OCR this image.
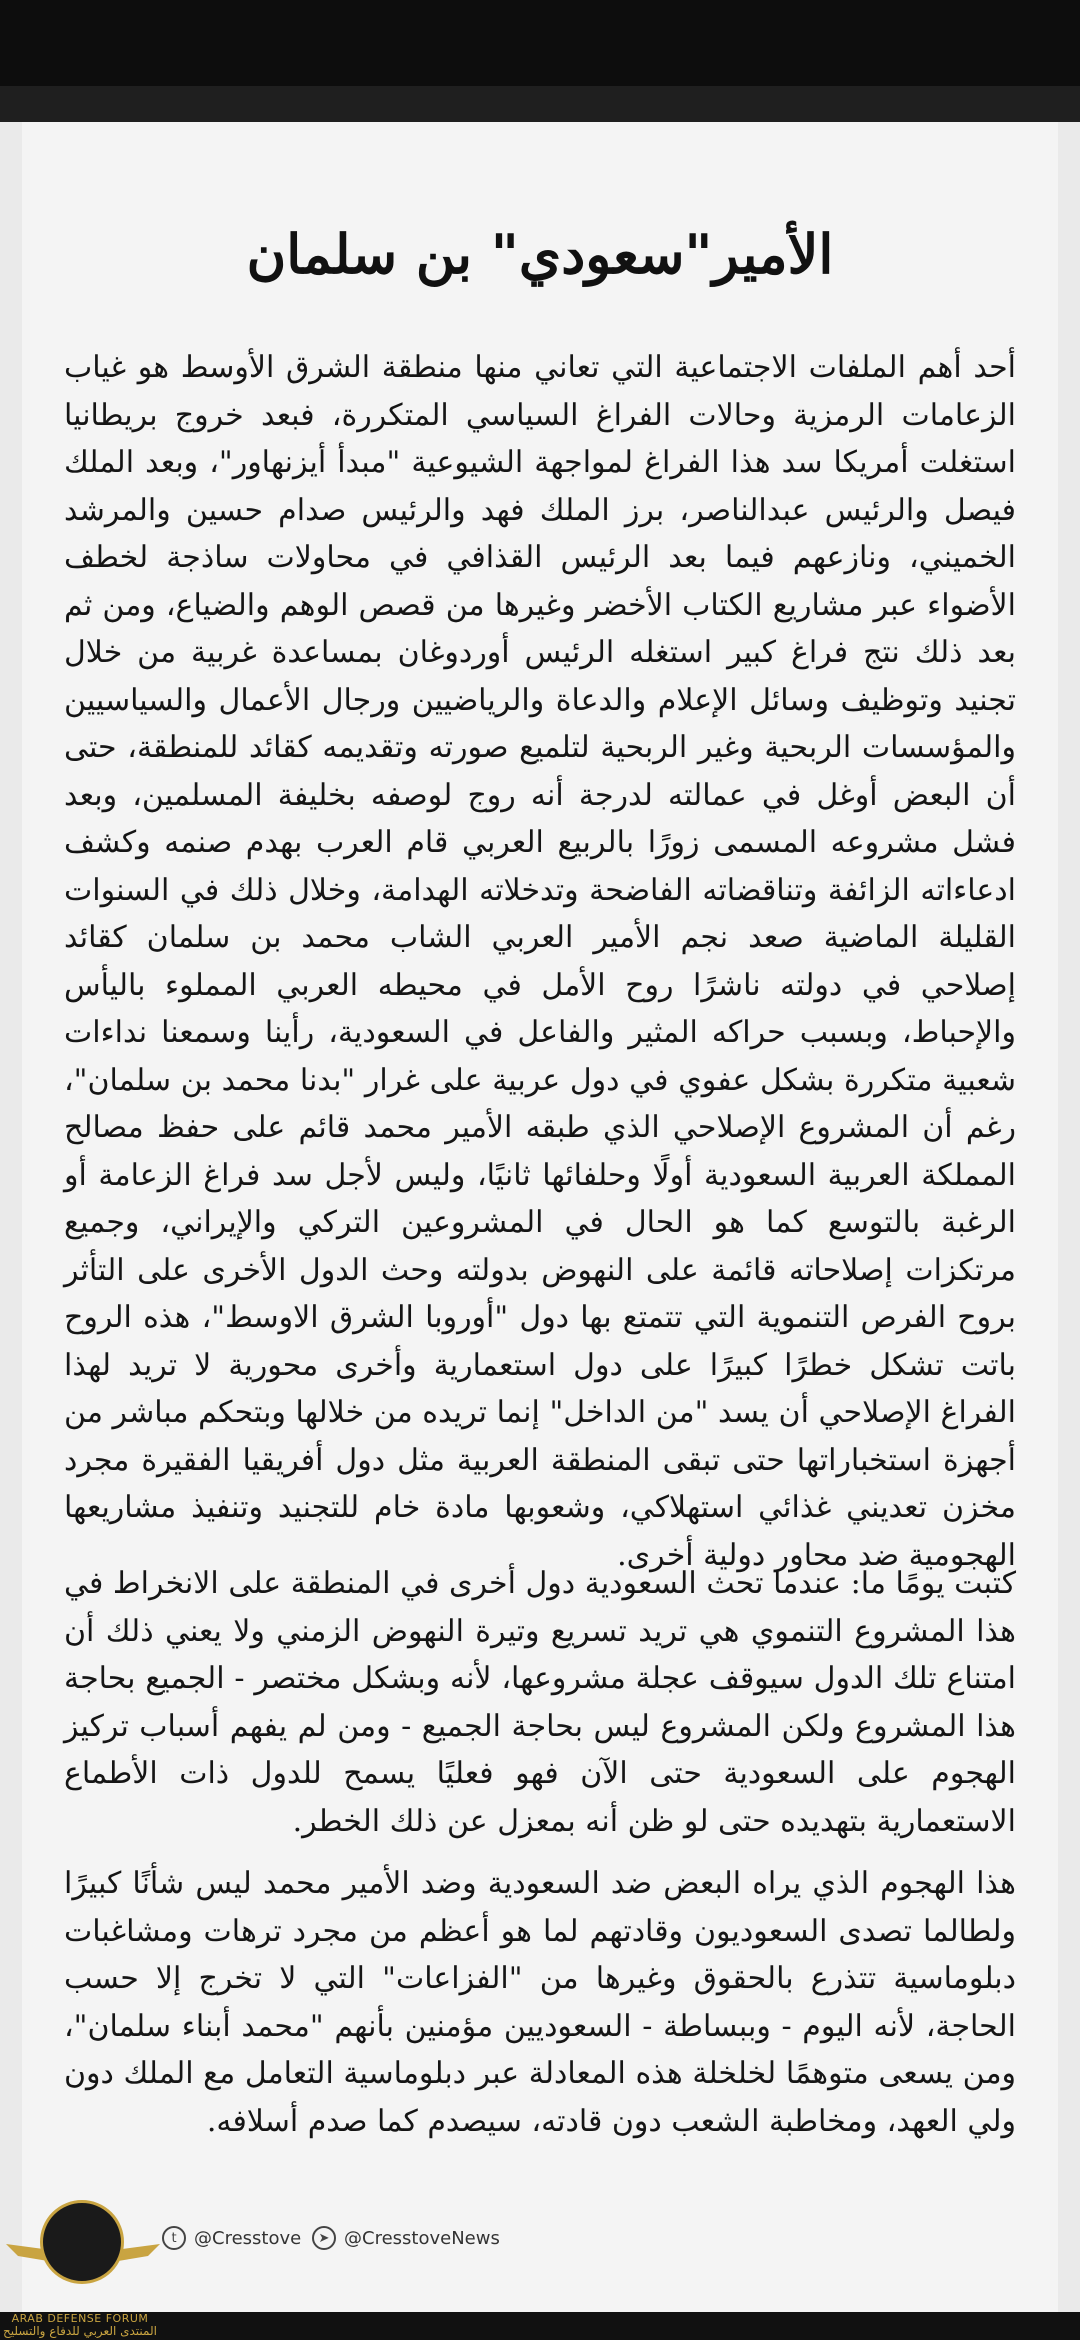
الأمير"سعودي" بن سلمان

أحد أهم الملفات الاجتماعية التي تعاني منها منطقة الشرق الأوسط هو غياب الزعامات الرمزية وحالات الفراغ السياسي المتكررة، فبعد خروج بريطانيا استغلت أمريكا سد هذا الفراغ لمواجهة الشيوعية "مبدأ أيزنهاور"، وبعد الملك فيصل والرئيس عبدالناصر، برز الملك فهد والرئيس صدام حسين والمرشد الخميني، ونازعهم فيما بعد الرئيس القذافي في محاولات ساذجة لخطف الأضواء عبر مشاريع الكتاب الأخضر وغيرها من قصص الوهم والضياع، ومن ثم بعد ذلك نتج فراغ كبير استغله الرئيس أوردوغان بمساعدة غربية من خلال تجنيد وتوظيف وسائل الإعلام والدعاة والرياضيين ورجال الأعمال والسياسيين والمؤسسات الربحية وغير الربحية لتلميع صورته وتقديمه كقائد للمنطقة، حتى أن البعض أوغل في عمالته لدرجة أنه روج لوصفه بخليفة المسلمين، وبعد فشل مشروعه المسمى زورًا بالربيع العربي قام العرب بهدم صنمه وكشف ادعاءاته الزائفة وتناقضاته الفاضحة وتدخلاته الهدامة، وخلال ذلك في السنوات القليلة الماضية صعد نجم الأمير العربي الشاب محمد بن سلمان كقائد إصلاحي في دولته ناشرًا روح الأمل في محيطه العربي المملوء باليأس والإحباط، وبسبب حراكه المثير والفاعل في السعودية، رأينا وسمعنا نداءات شعبية متكررة بشكل عفوي في دول عربية على غرار "بدنا محمد بن سلمان"، رغم أن المشروع الإصلاحي الذي طبقه الأمير محمد قائم على حفظ مصالح المملكة العربية السعودية أولًا وحلفائها ثانيًا، وليس لأجل سد فراغ الزعامة أو الرغبة بالتوسع كما هو الحال في المشروعين التركي والإيراني، وجميع مرتكزات إصلاحاته قائمة على النهوض بدولته وحث الدول الأخرى على التأثر بروح الفرص التنموية التي تتمتع بها دول "أوروبا الشرق الاوسط"، هذه الروح باتت تشكل خطرًا كبيرًا على دول استعمارية وأخرى محورية لا تريد لهذا الفراغ الإصلاحي أن يسد "من الداخل" إنما تريده من خلالها وبتحكم مباشر من أجهزة استخباراتها حتى تبقى المنطقة العربية مثل دول أفريقيا الفقيرة مجرد مخزن تعديني غذائي استهلاكي، وشعوبها مادة خام للتجنيد وتنفيذ مشاريعها الهجومية ضد محاور دولية أخرى.

كتبت يومًا ما: عندما تحث السعودية دول أخرى في المنطقة على الانخراط في هذا المشروع التنموي هي تريد تسريع وتيرة النهوض الزمني ولا يعني ذلك أن امتناع تلك الدول سيوقف عجلة مشروعها، لأنه وبشكل مختصر - الجميع بحاجة هذا المشروع ولكن المشروع ليس بحاجة الجميع - ومن لم يفهم أسباب تركيز الهجوم على السعودية حتى الآن فهو فعليًا يسمح للدول ذات الأطماع الاستعمارية بتهديده حتى لو ظن أنه بمعزل عن ذلك الخطر.

هذا الهجوم الذي يراه البعض ضد السعودية وضد الأمير محمد ليس شأنًا كبيرًا ولطالما تصدى السعوديون وقادتهم لما هو أعظم من مجرد ترهات ومشاغبات دبلوماسية تتذرع بالحقوق وغيرها من "الفزاعات" التي لا تخرج إلا حسب الحاجة، لأنه اليوم - وببساطة - السعوديين مؤمنين بأنهم "محمد أبناء سلمان"، ومن يسعى متوهمًا لخلخلة هذه المعادلة عبر دبلوماسية التعامل مع الملك دون ولي العهد، ومخاطبة الشعب دون قادته، سيصدم كما صدم أسلافه.

t @Cresstove	➤ @CresstoveNews
ARAB DEFENSE FORUM
المنتدى العربي للدفاع والتسليح
